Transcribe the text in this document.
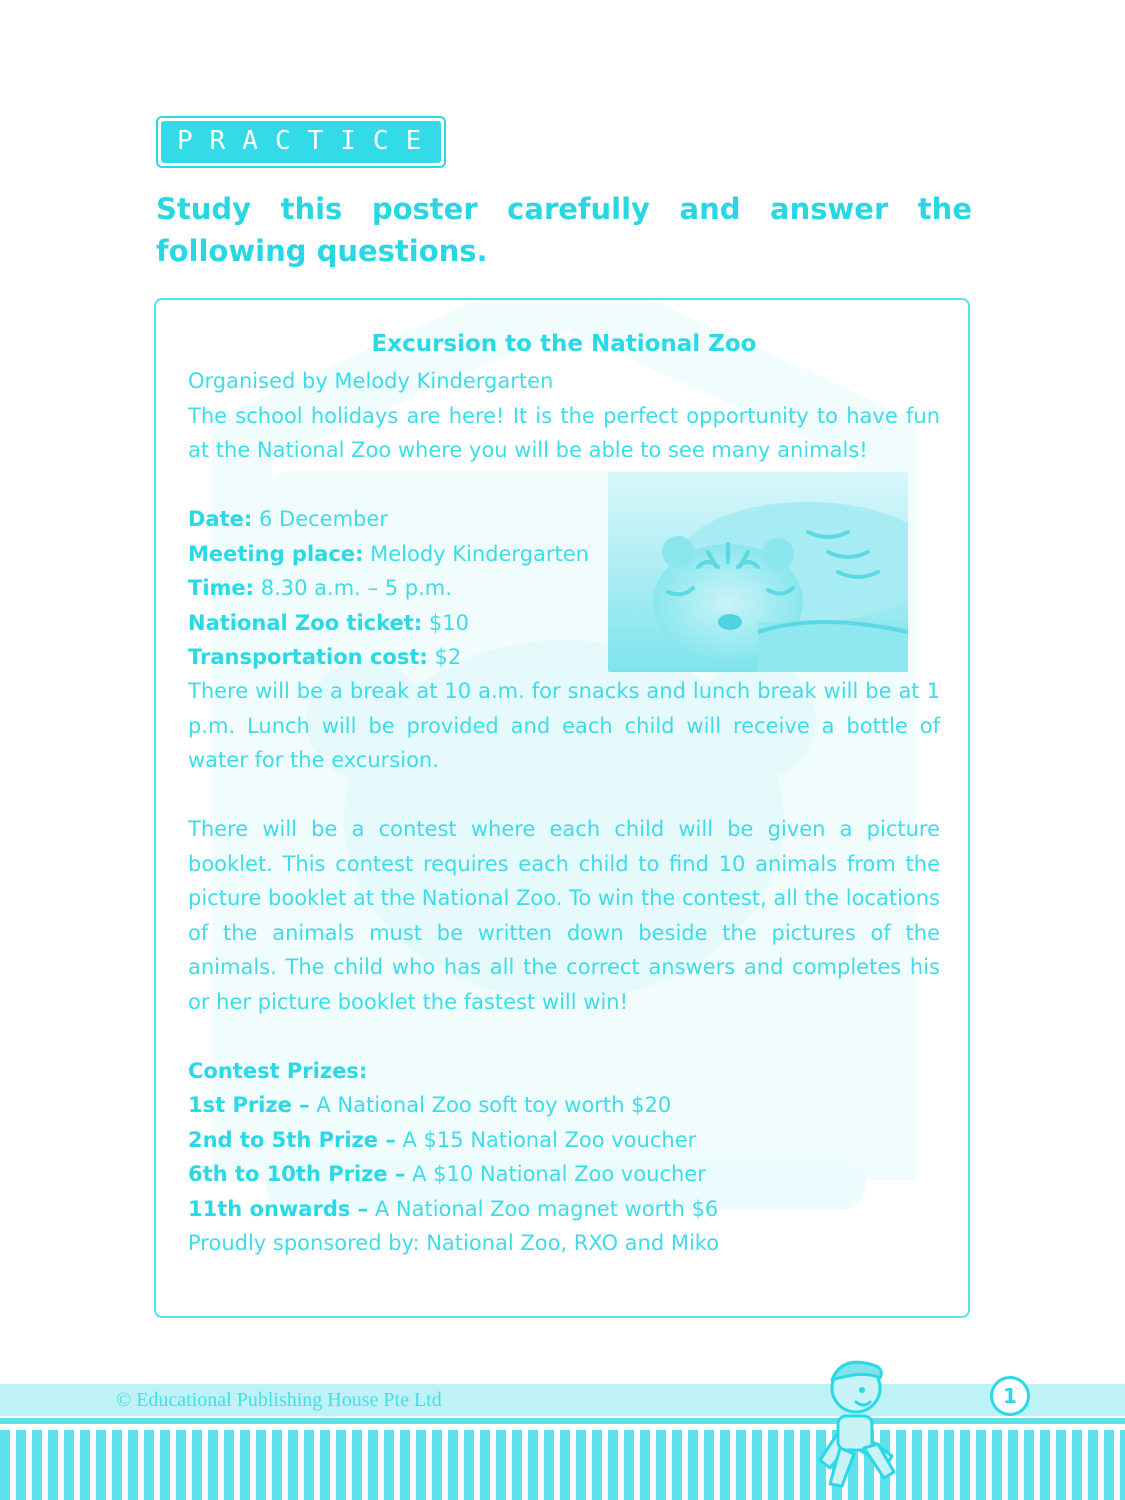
PRACTICE 1
Study this poster carefully and answer the following questions.
Excursion to the National Zoo

Organised by Melody Kindergarten

The school holidays are here! It is the perfect opportunity to have fun at the National Zoo where you will be able to see many animals!

Date: 6 December

Meeting place: Melody Kindergarten

Time: 8.30 a.m. – 5 p.m.

National Zoo ticket: $10

Transportation cost: $2

There will be a break at 10 a.m. for snacks and lunch break will be at 1 p.m. Lunch will be provided and each child will receive a bottle of water for the excursion.

There will be a contest where each child will be given a picture booklet. This contest requires each child to find 10 animals from the picture booklet at the National Zoo. To win the contest, all the locations of the animals must be written down beside the pictures of the animals. The child who has all the correct answers and completes his or her picture booklet the fastest will win!

Contest Prizes:

1st Prize – A National Zoo soft toy worth $20

2nd to 5th Prize – A $15 National Zoo voucher

6th to 10th Prize – A $10 National Zoo voucher

11th onwards – A National Zoo magnet worth $6

Proudly sponsored by: National Zoo, RXO and Miko

© Educational Publishing House Pte Ltd	1
